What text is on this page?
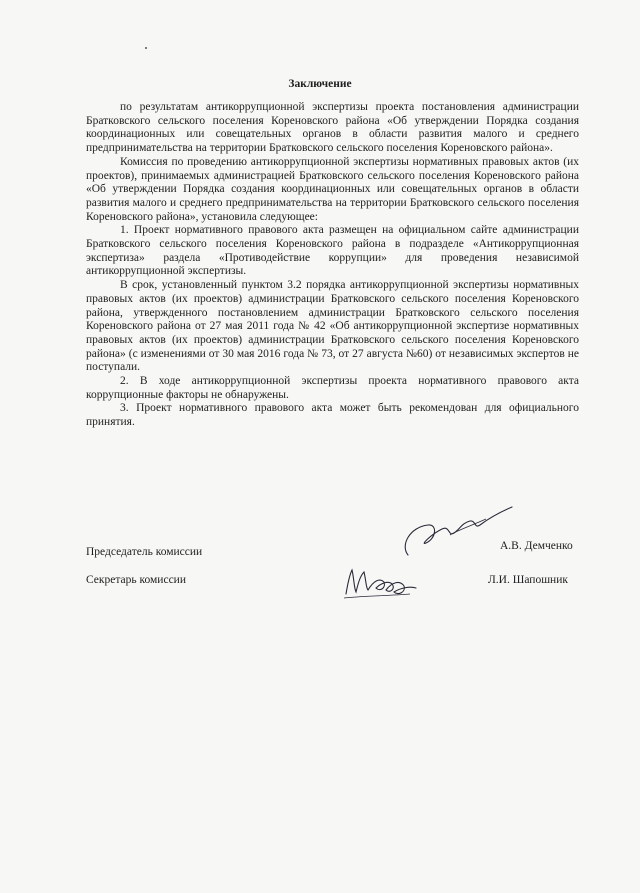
Заключение

по результатам антикоррупционной экспертизы проекта постановления администрации Братковского сельского поселения Кореновского района «Об утверждении Порядка создания координационных или совещательных органов в области развития малого и среднего предпринимательства на территории Братковского сельского поселения Кореновского района».

Комиссия по проведению антикоррупционной экспертизы нормативных правовых актов (их проектов), принимаемых администрацией Братковского сельского поселения Кореновского района «Об утверждении Порядка создания координационных или совещательных органов в области развития малого и среднего предпринимательства на территории Братковского сельского поселения Кореновского района», установила следующее:

1. Проект нормативного правового акта размещен на официальном сайте администрации Братковского сельского поселения Кореновского района в подразделе «Антикоррупционная экспертиза» раздела «Противодействие коррупции» для проведения независимой антикоррупционной экспертизы.

В срок, установленный пунктом 3.2 порядка антикоррупционной экспертизы нормативных правовых актов (их проектов) администрации Братковского сельского поселения Кореновского района, утвержденного постановлением администрации Братковского сельского поселения Кореновского района от 27 мая 2011 года № 42 «Об антикоррупционной экспертизе нормативных правовых актов (их проектов) администрации Братковского сельского поселения Кореновского района» (с изменениями от 30 мая 2016 года № 73, от 27 августа №60) от независимых экспертов не поступали.

2. В ходе антикоррупционной экспертизы проекта нормативного правового акта коррупционные факторы не обнаружены.

3. Проект нормативного правового акта может быть рекомендован для официального принятия.

Председатель комиссии	А.В. Демченко
Секретарь комиссии	Л.И. Шапошник
